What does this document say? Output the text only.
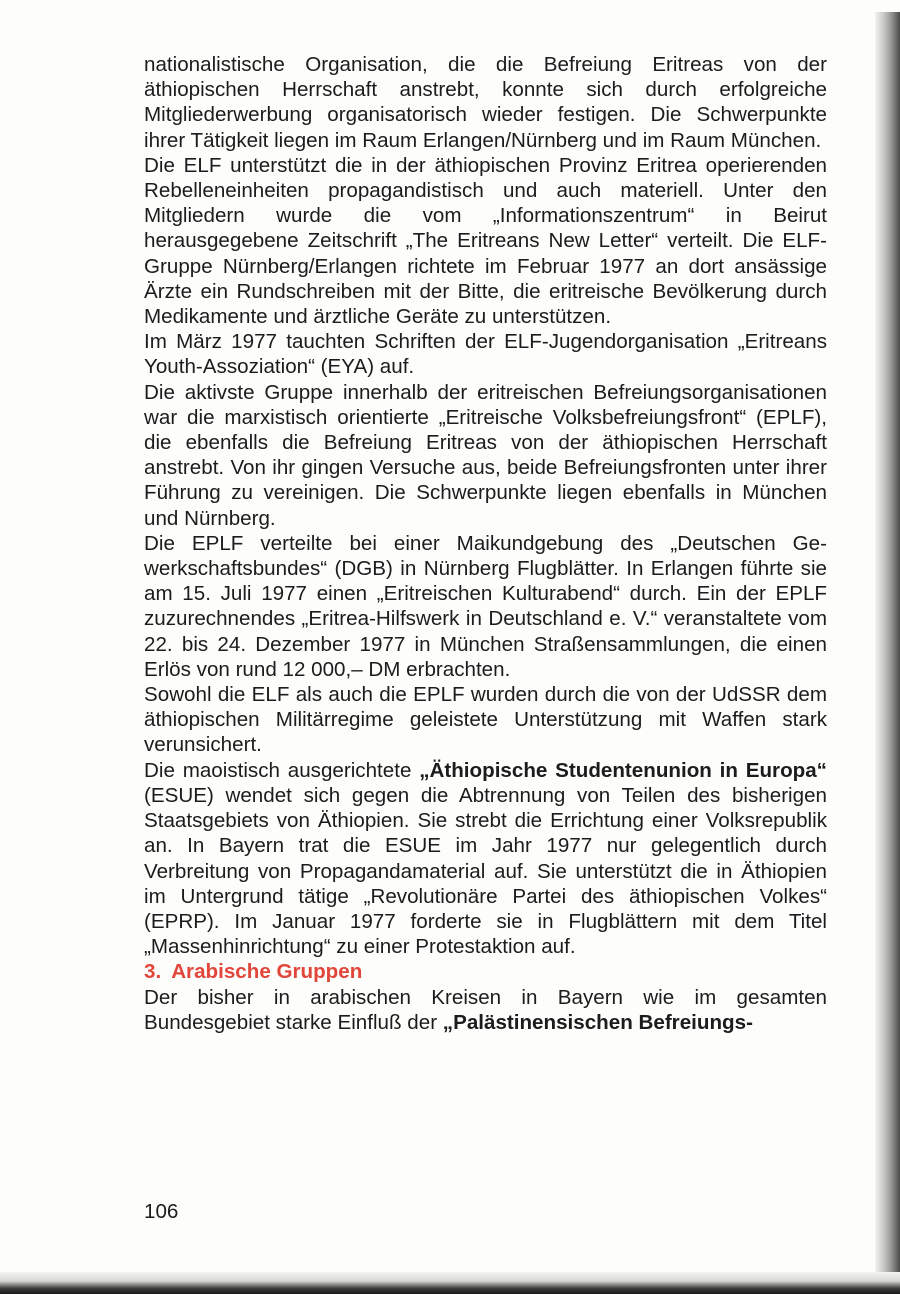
nationalistische Organisation, die die Befreiung Eritreas von der äthiopischen Herrschaft anstrebt, konnte sich durch erfolgreiche Mitgliederwerbung organisatorisch wieder festigen. Die Schwerpunkte ihrer Tätigkeit liegen im Raum Erlangen/Nürnberg und im Raum München.

Die ELF unterstützt die in der äthiopischen Provinz Eritrea operierenden Rebelleneinheiten propagandistisch und auch materiell. Unter den Mitgliedern wurde die vom „Informationszentrum“ in Beirut herausgegebene Zeitschrift „The Eritreans New Letter“ verteilt. Die ELF-Gruppe Nürnberg/Erlangen richtete im Februar 1977 an dort ansässige Ärzte ein Rundschreiben mit der Bitte, die eritreische Bevölkerung durch Medikamente und ärztliche Geräte zu unterstützen.

Im März 1977 tauchten Schriften der ELF-Jugendorganisation „Eritreans Youth-Assoziation“ (EYA) auf.

Die aktivste Gruppe innerhalb der eritreischen Befreiungsorganisationen war die marxistisch orientierte „Eritreische Volksbefreiungsfront“ (EPLF), die ebenfalls die Befreiung Eritreas von der äthiopischen Herrschaft anstrebt. Von ihr gingen Versuche aus, beide Befreiungsfronten unter ihrer Führung zu vereinigen. Die Schwerpunkte liegen ebenfalls in München und Nürnberg.

Die EPLF verteilte bei einer Maikundgebung des „Deutschen Gewerkschaftsbundes“ (DGB) in Nürnberg Flugblätter. In Erlangen führte sie am 15. Juli 1977 einen „Eritreischen Kulturabend“ durch. Ein der EPLF zuzurechnendes „Eritrea-Hilfswerk in Deutschland e. V.“ veranstaltete vom 22. bis 24. Dezember 1977 in München Straßensammlungen, die einen Erlös von rund 12 000,– DM erbrachten.

Sowohl die ELF als auch die EPLF wurden durch die von der UdSSR dem äthiopischen Militärregime geleistete Unterstützung mit Waffen stark verunsichert.

Die maoistisch ausgerichtete „Äthiopische Studentenunion in Europa“ (ESUE) wendet sich gegen die Abtrennung von Teilen des bisherigen Staatsgebiets von Äthiopien. Sie strebt die Errichtung einer Volksrepublik an. In Bayern trat die ESUE im Jahr 1977 nur gelegentlich durch Verbreitung von Propagandamaterial auf. Sie unterstützt die in Äthiopien im Untergrund tätige „Revolutionäre Partei des äthiopischen Volkes“ (EPRP). Im Januar 1977 forderte sie in Flugblättern mit dem Titel „Massenhinrichtung“ zu einer Protestaktion auf.

3. Arabische Gruppen

Der bisher in arabischen Kreisen in Bayern wie im gesamten Bundesgebiet starke Einfluß der „Palästinensischen Befreiungs-

106
